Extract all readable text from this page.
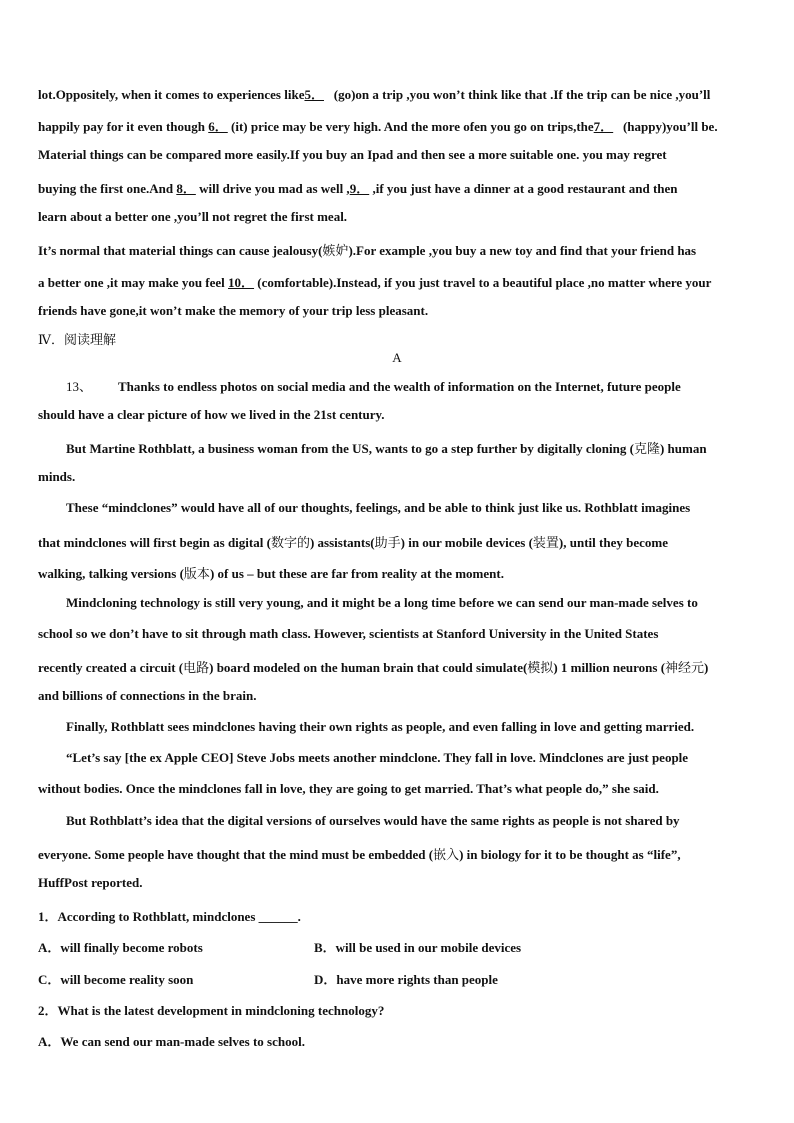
lot.Oppositely, when it comes to experiences like5． (go)on a trip ,you won’t think like that .If the trip can be nice ,you’ll
happily pay for it even though 6． (it) price may be very high. And the more ofen you go on trips,the7． (happy)you’ll be.
Material things can be compared more easily.If you buy an Ipad and then see a more suitable one. you may regret
buying the first one.And 8． will drive you mad as well ,9． ,if you just have a dinner at a good restaurant and then
learn about a better one ,you’ll not regret the first meal.
It’s normal that material things can cause jealousy(嫉妒).For example ,you buy a new toy and find that your friend has
a better one ,it may make you feel 10． (comfortable).Instead, if you just travel to a beautiful place ,no matter where your
friends have gone,it won’t make the memory of your trip less pleasant.
Ⅳ．阅读理解
A
13、 Thanks to endless photos on social media and the wealth of information on the Internet, future people
should have a clear picture of how we lived in the 21st century.
But Martine Rothblatt, a business woman from the US, wants to go a step further by digitally cloning (克隆) human
minds.
These “mindclones” would have all of our thoughts, feelings, and be able to think just like us. Rothblatt imagines
that mindclones will first begin as digital (数字的) assistants(助手) in our mobile devices (装置), until they become
walking, talking versions (版本) of us – but these are far from reality at the moment.
Mindcloning technology is still very young, and it might be a long time before we can send our man-made selves to
school so we don’t have to sit through math class. However, scientists at Stanford University in the United States
recently created a circuit (电路) board modeled on the human brain that could simulate(模拟) 1 million neurons (神经元)
and billions of connections in the brain.
Finally, Rothblatt sees mindclones having their own rights as people, and even falling in love and getting married.
“Let’s say [the ex Apple CEO] Steve Jobs meets another mindclone. They fall in love. Mindclones are just people
without bodies. Once the mindclones fall in love, they are going to get married. That’s what people do,” she said.
But Rothblatt’s idea that the digital versions of ourselves would have the same rights as people is not shared by
everyone. Some people have thought that the mind must be embedded (嵌入) in biology for it to be thought as “life”,
HuffPost reported.
1．According to Rothblatt, mindclones ______.
A．will finally become robots	B．will be used in our mobile devices
C．will become reality soon	D．have more rights than people
2．What is the latest development in mindcloning technology?
A．We can send our man-made selves to school.
